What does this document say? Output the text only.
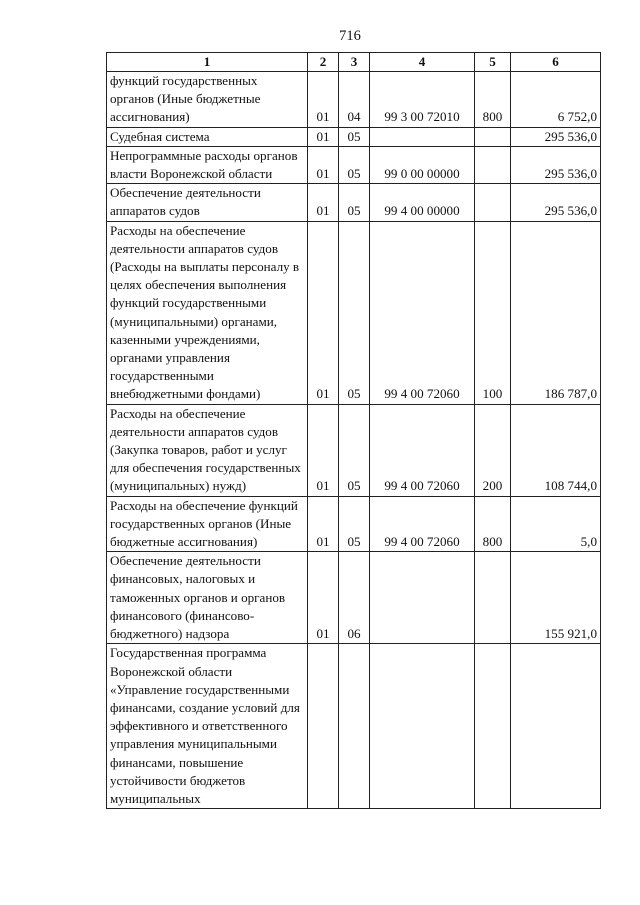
716
1	2	3	4	5	6
функций государственных органов (Иные бюджетные ассигнования)	01	04	99 3 00 72010	800	6 752,0
Судебная система	01	05			295 536,0
Непрограммные расходы органов власти Воронежской области	01	05	99 0 00 00000		295 536,0
Обеспечение деятельности аппаратов судов	01	05	99 4 00 00000		295 536,0
Расходы на обеспечение деятельности аппаратов судов (Расходы на выплаты персоналу в целях обеспечения выполнения функций государственными (муниципальными) органами, казенными учреждениями, органами управления государственными внебюджетными фондами)	01	05	99 4 00 72060	100	186 787,0
Расходы на обеспечение деятельности аппаратов судов (Закупка товаров, работ и услуг для обеспечения государственных (муниципальных) нужд)	01	05	99 4 00 72060	200	108 744,0
Расходы на обеспечение функций государственных органов (Иные бюджетные ассигнования)	01	05	99 4 00 72060	800	5,0
Обеспечение деятельности финансовых, налоговых и таможенных органов и органов финансового (финансово-бюджетного) надзора	01	06			155 921,0
Государственная программа Воронежской области «Управление государственными финансами, создание условий для эффективного и ответственного управления муниципальными финансами, повышение устойчивости бюджетов муниципальных					
